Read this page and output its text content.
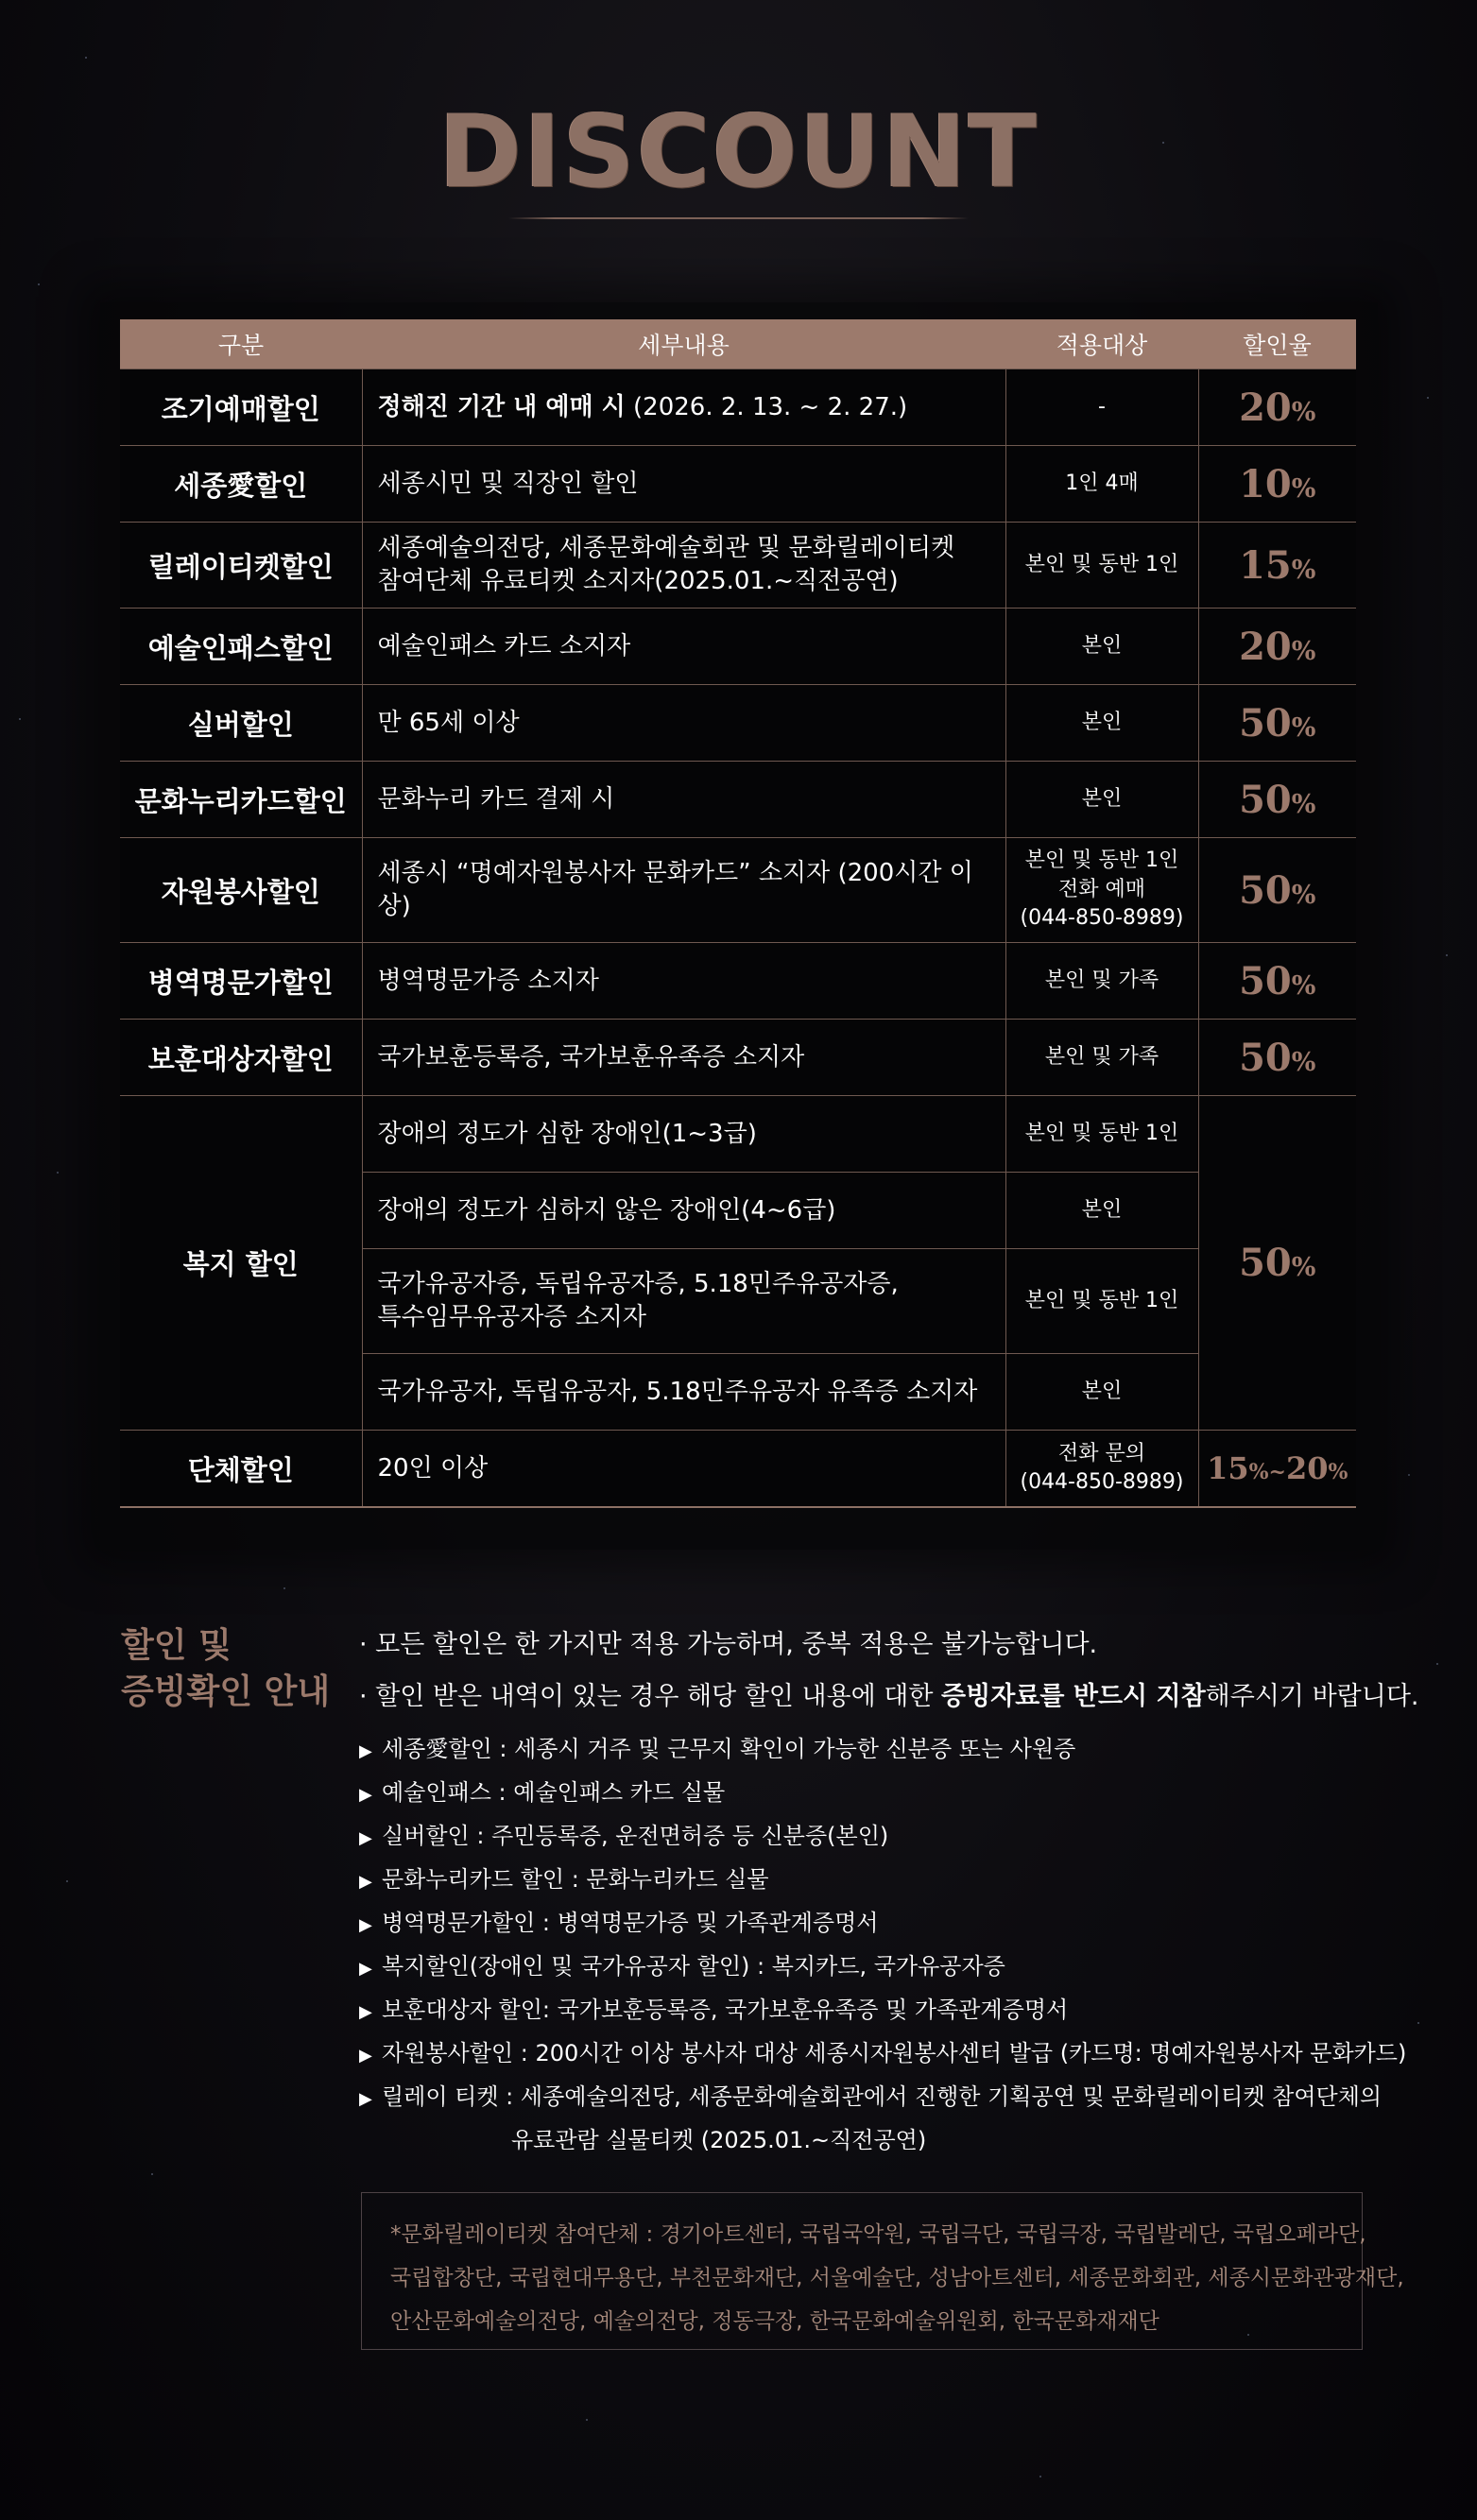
DISCOUNT
구분	세부내용	적용대상	할인율
조기예매할인	정해진 기간 내 예매 시 (2026. 2. 13. ~ 2. 27.)	-	20%
세종愛할인	세종시민 및 직장인 할인	1인 4매	10%
릴레이티켓할인	세종예술의전당, 세종문화예술회관 및 문화릴레이티켓
참여단체 유료티켓 소지자(2025.01.~직전공연)	본인 및 동반 1인	15%
예술인패스할인	예술인패스 카드 소지자	본인	20%
실버할인	만 65세 이상	본인	50%
문화누리카드할인	문화누리 카드 결제 시	본인	50%
자원봉사할인	세종시 “명예자원봉사자 문화카드” 소지자 (200시간 이상)	본인 및 동반 1인
전화 예매
(044-850-8989)	50%
병역명문가할인	병역명문가증 소지자	본인 및 가족	50%
보훈대상자할인	국가보훈등록증, 국가보훈유족증 소지자	본인 및 가족	50%
복지 할인	장애의 정도가 심한 장애인(1~3급)	본인 및 동반 1인	50%
	장애의 정도가 심하지 않은 장애인(4~6급)	본인	

	국가유공자증, 독립유공자증, 5.18민주유공자증,
특수임무유공자증 소지자	본인 및 동반 1인	
	국가유공자, 독립유공자, 5.18민주유공자 유족증 소지자	본인	
단체할인	20인 이상	전화 문의
(044-850-8989)	15%~20%
할인 및
증빙확인 안내
· 모든 할인은 한 가지만 적용 가능하며, 중복 적용은 불가능합니다.
· 할인 받은 내역이 있는 경우 해당 할인 내용에 대한 증빙자료를 반드시 지참해주시기 바랍니다.
▶ 세종愛할인 : 세종시 거주 및 근무지 확인이 가능한 신분증 또는 사원증
▶ 예술인패스 : 예술인패스 카드 실물
▶ 실버할인 : 주민등록증, 운전면허증 등 신분증(본인)
▶ 문화누리카드 할인 : 문화누리카드 실물
▶ 병역명문가할인 : 병역명문가증 및 가족관계증명서
▶ 복지할인(장애인 및 국가유공자 할인) : 복지카드, 국가유공자증
▶ 보훈대상자 할인: 국가보훈등록증, 국가보훈유족증 및 가족관계증명서
▶ 자원봉사할인 : 200시간 이상 봉사자 대상 세종시자원봉사센터 발급 (카드명: 명예자원봉사자 문화카드)
▶ 릴레이 티켓 : 세종예술의전당, 세종문화예술회관에서 진행한 기획공연 및 문화릴레이티켓 참여단체의
유료관람 실물티켓 (2025.01.~직전공연)
*문화릴레이티켓 참여단체 : 경기아트센터, 국립국악원, 국립극단, 국립극장, 국립발레단, 국립오페라단,
국립합창단, 국립현대무용단, 부천문화재단, 서울예술단, 성남아트센터, 세종문화회관, 세종시문화관광재단,
안산문화예술의전당, 예술의전당, 정동극장, 한국문화예술위원회, 한국문화재재단
